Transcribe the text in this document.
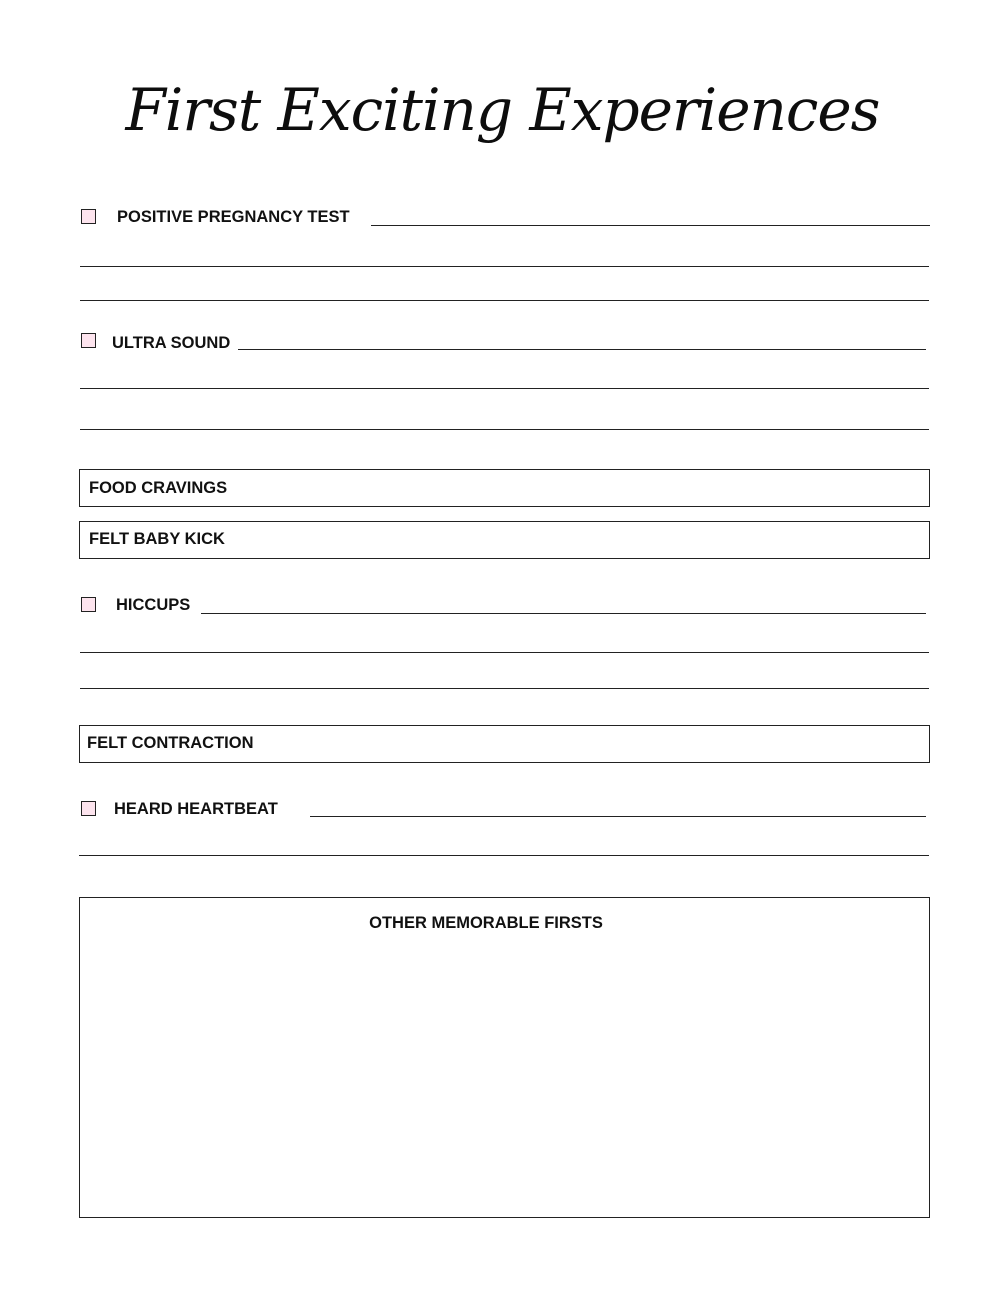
First Exciting Experiences
POSITIVE PREGNANCY TEST
ULTRA SOUND
FOOD CRAVINGS
FELT BABY KICK
HICCUPS
FELT CONTRACTION
HEARD HEARTBEAT
OTHER MEMORABLE FIRSTS
